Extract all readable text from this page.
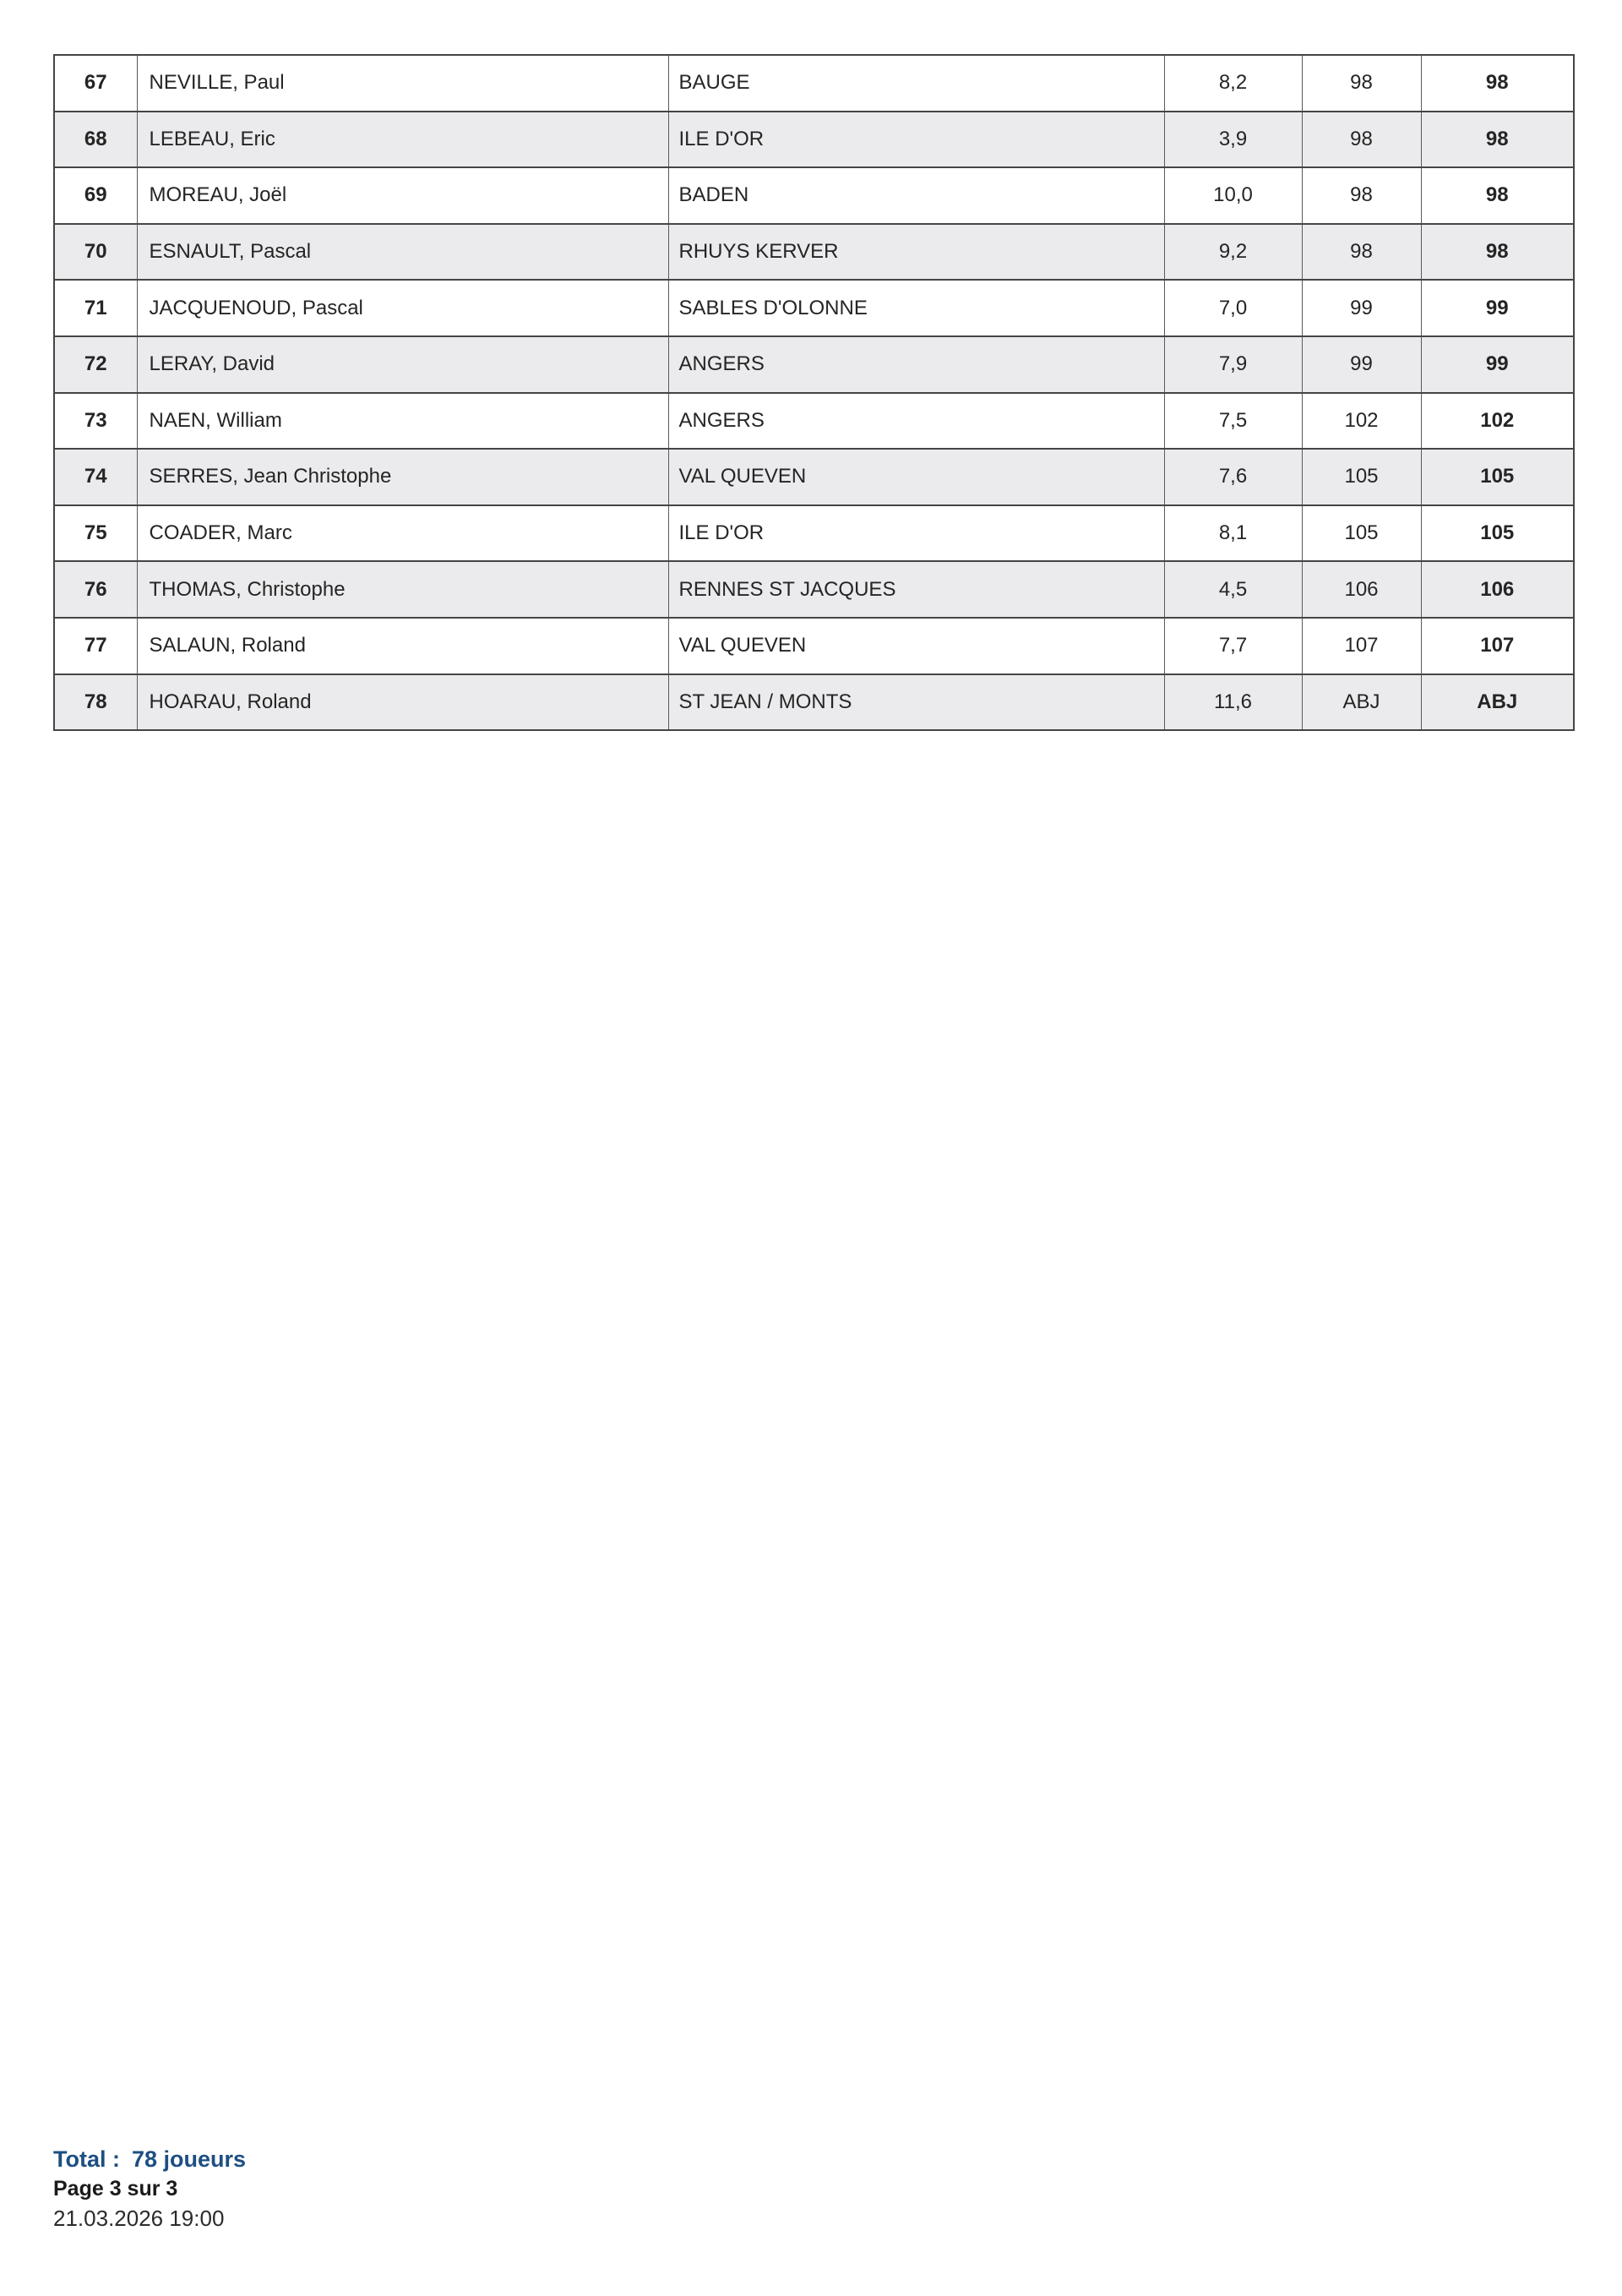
67	NEVILLE, Paul	BAUGE	8,2	98	98
68	LEBEAU, Eric	ILE D'OR	3,9	98	98
69	MOREAU, Joël	BADEN	10,0	98	98
70	ESNAULT, Pascal	RHUYS KERVER	9,2	98	98
71	JACQUENOUD, Pascal	SABLES D'OLONNE	7,0	99	99
72	LERAY, David	ANGERS	7,9	99	99
73	NAEN, William	ANGERS	7,5	102	102
74	SERRES, Jean Christophe	VAL QUEVEN	7,6	105	105
75	COADER, Marc	ILE D'OR	8,1	105	105
76	THOMAS, Christophe	RENNES ST JACQUES	4,5	106	106
77	SALAUN, Roland	VAL QUEVEN	7,7	107	107
78	HOARAU, Roland	ST JEAN / MONTS	11,6	ABJ	ABJ
Total : 78 joueurs
Page 3 sur 3
21.03.2026 19:00
